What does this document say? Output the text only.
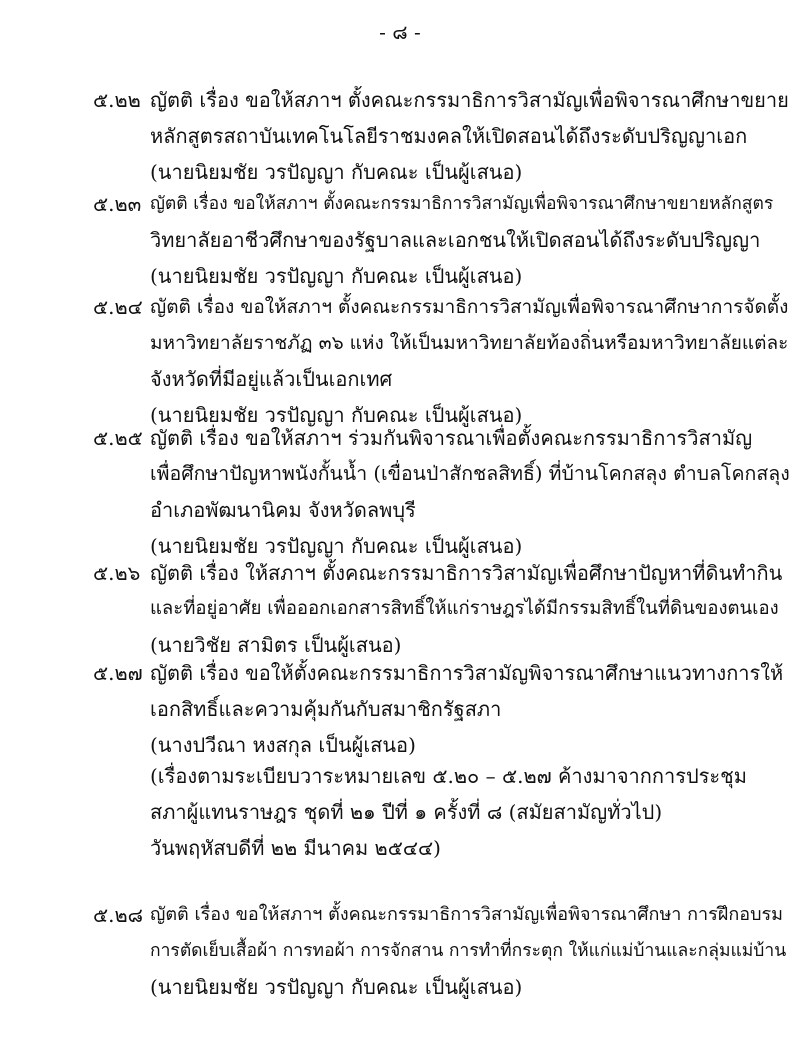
- ๘ -
๕.๒๒ ญัตติ เรื่อง ขอให้สภาฯ ตั้งคณะกรรมาธิการวิสามัญเพื่อพิจารณาศึกษาขยาย
หลักสูตรสถาบันเทคโนโลยีราชมงคลให้เปิดสอนได้ถึงระดับปริญญาเอก
(นายนิยมชัย วรปัญญา กับคณะ เป็นผู้เสนอ)
๕.๒๓ ญัตติ เรื่อง ขอให้สภาฯ ตั้งคณะกรรมาธิการวิสามัญเพื่อพิจารณาศึกษาขยายหลักสูตร
วิทยาลัยอาชีวศึกษาของรัฐบาลและเอกชนให้เปิดสอนได้ถึงระดับปริญญา
(นายนิยมชัย วรปัญญา กับคณะ เป็นผู้เสนอ)
๕.๒๔ ญัตติ เรื่อง ขอให้สภาฯ ตั้งคณะกรรมาธิการวิสามัญเพื่อพิจารณาศึกษาการจัดตั้ง
มหาวิทยาลัยราชภัฏ ๓๖ แห่ง ให้เป็นมหาวิทยาลัยท้องถิ่นหรือมหาวิทยาลัยแต่ละ
จังหวัดที่มีอยู่แล้วเป็นเอกเทศ
(นายนิยมชัย วรปัญญา กับคณะ เป็นผู้เสนอ)
๕.๒๕ ญัตติ เรื่อง ขอให้สภาฯ ร่วมกันพิจารณาเพื่อตั้งคณะกรรมาธิการวิสามัญ
เพื่อศึกษาปัญหาพนังกั้นน้ำ (เขื่อนป่าสักชลสิทธิ์) ที่บ้านโคกสลุง ตำบลโคกสลุง
อำเภอพัฒนานิคม จังหวัดลพบุรี
(นายนิยมชัย วรปัญญา กับคณะ เป็นผู้เสนอ)
๕.๒๖ ญัตติ เรื่อง ให้สภาฯ ตั้งคณะกรรมาธิการวิสามัญเพื่อศึกษาปัญหาที่ดินทำกิน
และที่อยู่อาศัย เพื่อออกเอกสารสิทธิ์ให้แก่ราษฎรได้มีกรรมสิทธิ์ในที่ดินของตนเอง
(นายวิชัย สามิตร เป็นผู้เสนอ)
๕.๒๗ ญัตติ เรื่อง ขอให้ตั้งคณะกรรมาธิการวิสามัญพิจารณาศึกษาแนวทางการให้
เอกสิทธิ์และความคุ้มกันกับสมาชิกรัฐสภา
(นางปวีณา หงสกุล เป็นผู้เสนอ)
(เรื่องตามระเบียบวาระหมายเลข ๕.๒๐ – ๕.๒๗ ค้างมาจากการประชุม
สภาผู้แทนราษฎร ชุดที่ ๒๑ ปีที่ ๑ ครั้งที่ ๘ (สมัยสามัญทั่วไป)
วันพฤหัสบดีที่ ๒๒ มีนาคม ๒๕๔๔)
๕.๒๘ ญัตติ เรื่อง ขอให้สภาฯ ตั้งคณะกรรมาธิการวิสามัญเพื่อพิจารณาศึกษา การฝึกอบรม
การตัดเย็บเสื้อผ้า การทอผ้า การจักสาน การทำที่กระตุก ให้แก่แม่บ้านและกลุ่มแม่บ้าน
(นายนิยมชัย วรปัญญา กับคณะ เป็นผู้เสนอ)
